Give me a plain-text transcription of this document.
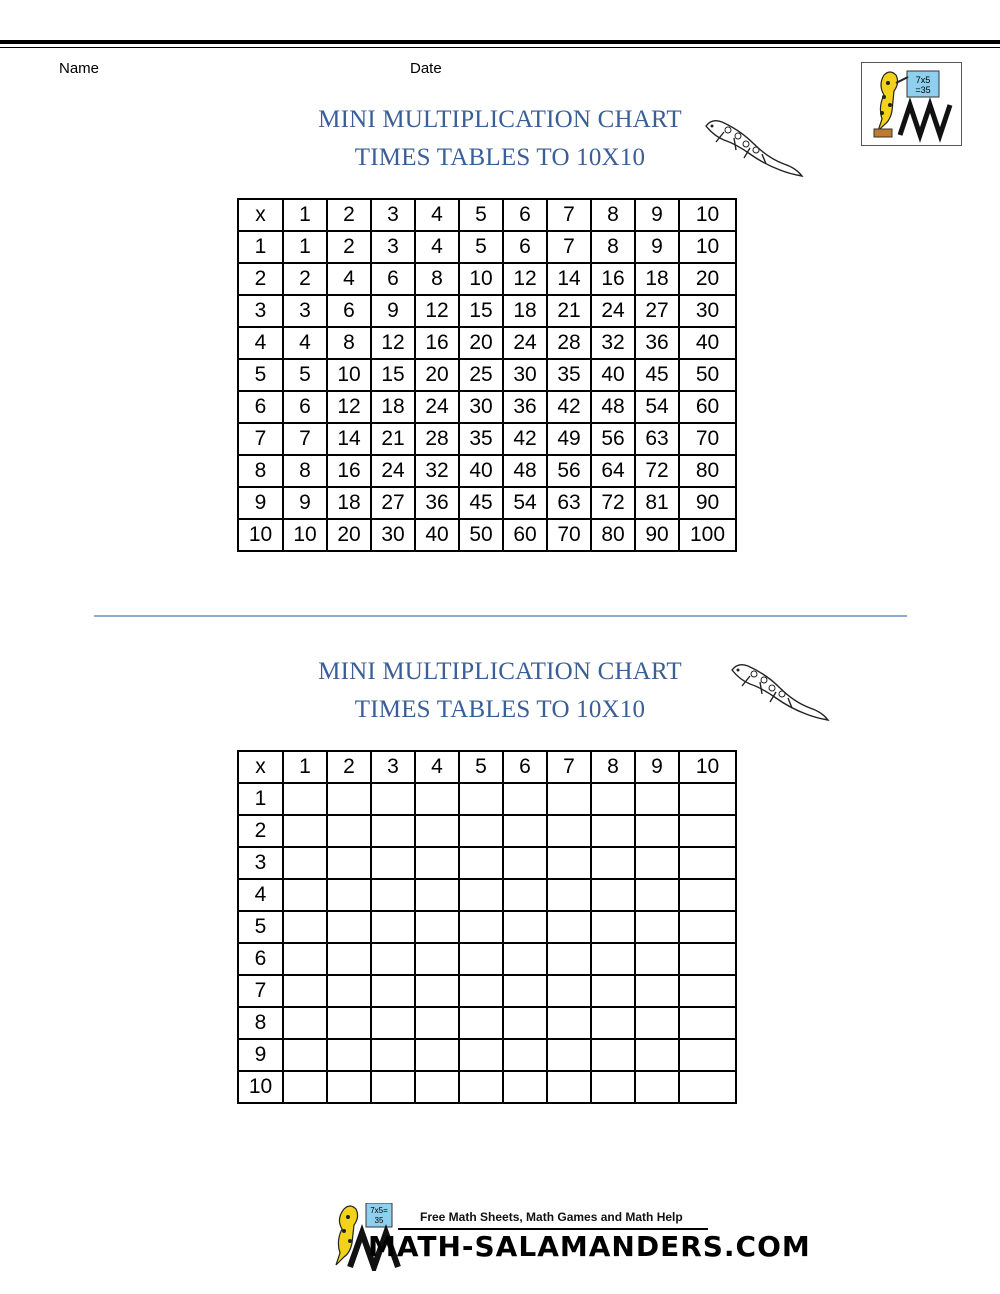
Name	Date
7x5
=35
MINI MULTIPLICATION CHART
TIMES TABLES TO 10X10
x	1	2	3	4	5	6	7	8	9	10
1	1	2	3	4	5	6	7	8	9	10
2	2	4	6	8	10	12	14	16	18	20
3	3	6	9	12	15	18	21	24	27	30
4	4	8	12	16	20	24	28	32	36	40
5	5	10	15	20	25	30	35	40	45	50
6	6	12	18	24	30	36	42	48	54	60
7	7	14	21	28	35	42	49	56	63	70
8	8	16	24	32	40	48	56	64	72	80
9	9	18	27	36	45	54	63	72	81	90
10	10	20	30	40	50	60	70	80	90	100
MINI MULTIPLICATION CHART
TIMES TABLES TO 10X10
x	1	2	3	4	5	6	7	8	9	10
1										
2										
3										
4										
5										
6										
7										
8										
9										
10										
7x5=
35	Free Math Sheets, Math Games and Math Help
MATH-SALAMANDERS.COM
